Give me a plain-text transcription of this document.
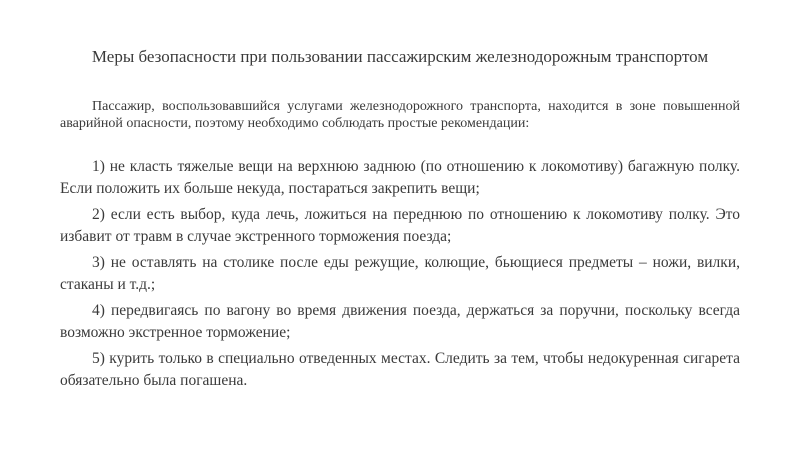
Меры безопасности при пользовании пассажирским железнодорожным транспортом

Пассажир, воспользовавшийся услугами железнодорожного транспорта, находится в зоне повышенной аварийной опасности, поэтому необходимо соблюдать простые рекомендации:

1) не класть тяжелые вещи на верхнюю заднюю (по отношению к локомотиву) багажную полку. Если положить их больше некуда, постараться закрепить вещи;

2) если есть выбор, куда лечь, ложиться на переднюю по отношению к локомотиву полку. Это избавит от травм в случае экстренного торможения поезда;

3) не оставлять на столике после еды режущие, колющие, бьющиеся предметы – ножи, вилки, стаканы и т.д.;

4) передвигаясь по вагону во время движения поезда, держаться за поручни, поскольку всегда возможно экстренное торможение;

5) курить только в специально отведенных местах. Следить за тем, чтобы недокуренная сигарета обязательно была погашена.
